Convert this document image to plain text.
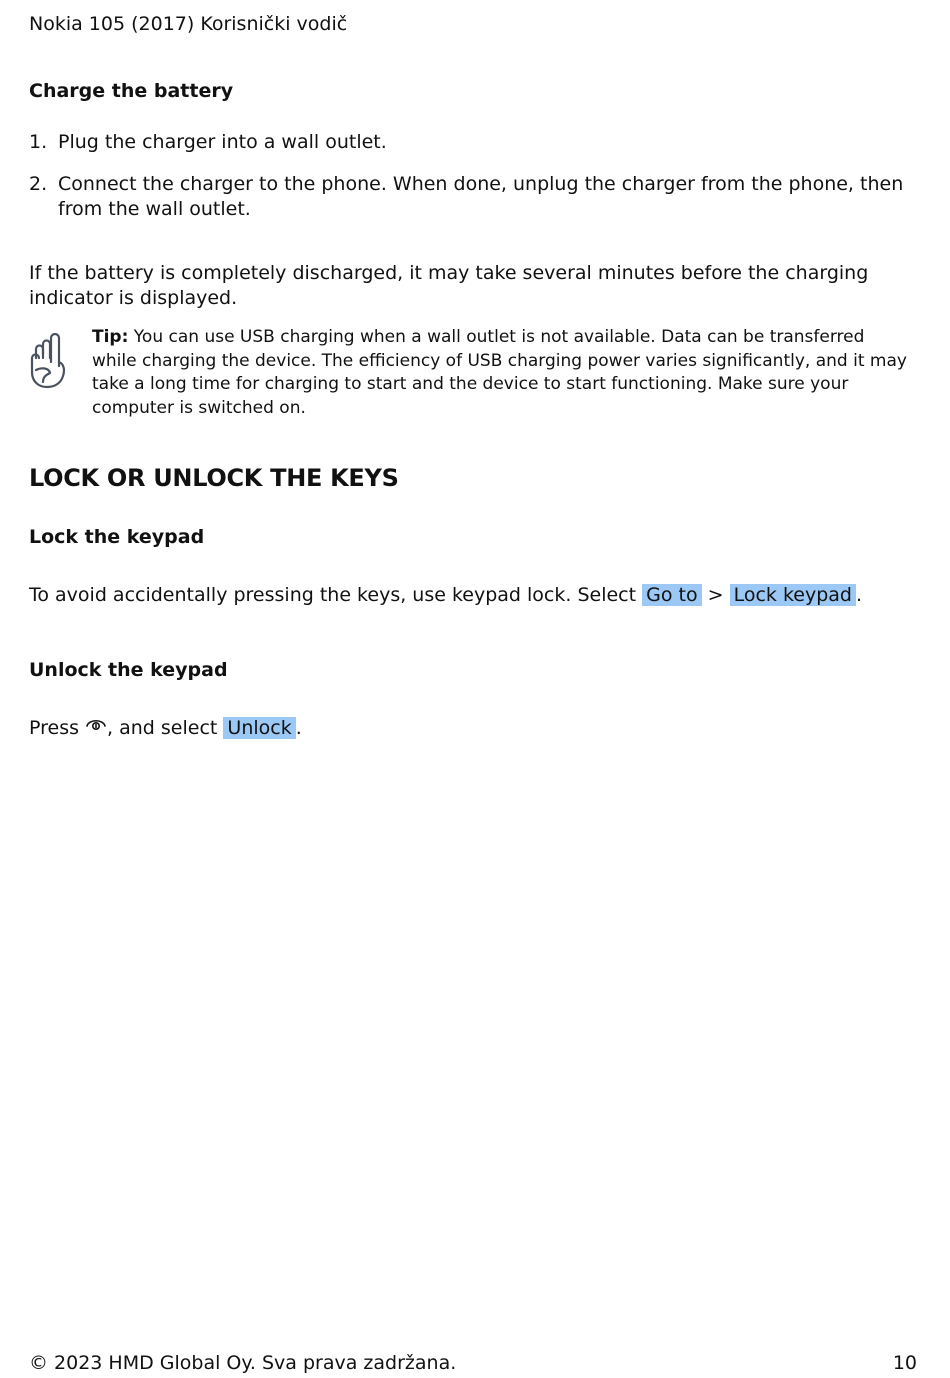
Nokia 105 (2017) Korisnički vodič
Charge the battery
1. Plug the charger into a wall outlet.
2. Connect the charger to the phone. When done, unplug the charger from the phone, then from the wall outlet.
If the battery is completely discharged, it may take several minutes before the charging indicator is displayed.
Tip: You can use USB charging when a wall outlet is not available. Data can be transferred while charging the device. The efficiency of USB charging power varies significantly, and it may take a long time for charging to start and the device to start functioning. Make sure your computer is switched on.
LOCK OR UNLOCK THE KEYS
Lock the keypad
To avoid accidentally pressing the keys, use keypad lock. Select Go to > Lock keypad .
Unlock the keypad
Press , and select Unlock .
© 2023 HMD Global Oy. Sva prava zadržana.	10
